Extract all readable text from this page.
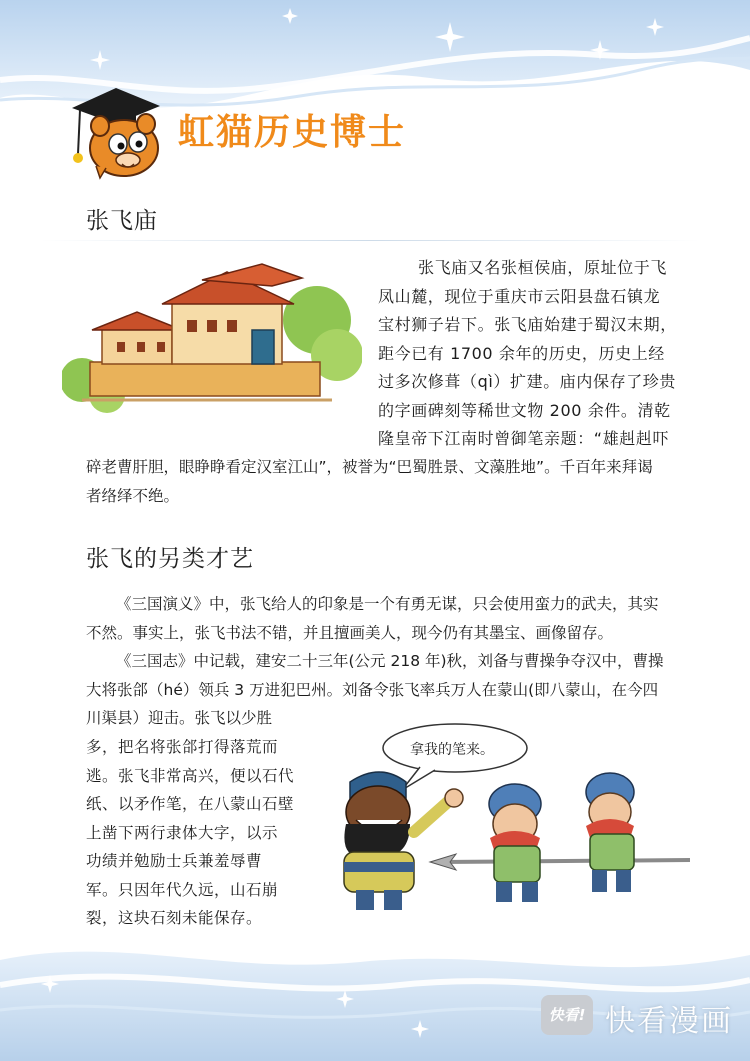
虹猫历史博士
张飞庙

张飞庙又名张桓侯庙，原址位于飞

凤山麓，现位于重庆市云阳县盘石镇龙

宝村狮子岩下。张飞庙始建于蜀汉末期，

距今已有 1700 余年的历史，历史上经

过多次修葺（qì）扩建。庙内保存了珍贵

的字画碑刻等稀世文物 200 余件。清乾

隆皇帝下江南时曾御笔亲题：“雄赳赳吓

碎老曹肝胆，眼睁睁看定汉室江山”，被誉为“巴蜀胜景、文藻胜地”。千百年来拜谒

者络绎不绝。

张飞的另类才艺

《三国演义》中，张飞给人的印象是一个有勇无谋，只会使用蛮力的武夫，其实

不然。事实上，张飞书法不错，并且擅画美人，现今仍有其墨宝、画像留存。

《三国志》中记载，建安二十三年(公元 218 年)秋，刘备与曹操争夺汉中，曹操

大将张郃（hé）领兵 3 万进犯巴州。刘备令张飞率兵万人在蒙山(即八蒙山，在今四

川渠县）迎击。张飞以少胜

多，把名将张郃打得落荒而

逃。张飞非常高兴，便以石代

纸、以矛作笔，在八蒙山石壁

上凿下两行隶体大字，以示

功绩并勉励士兵兼羞辱曹

军。只因年代久远，山石崩

裂，这块石刻未能保存。

拿我的笔来。
快看! 快看漫画
